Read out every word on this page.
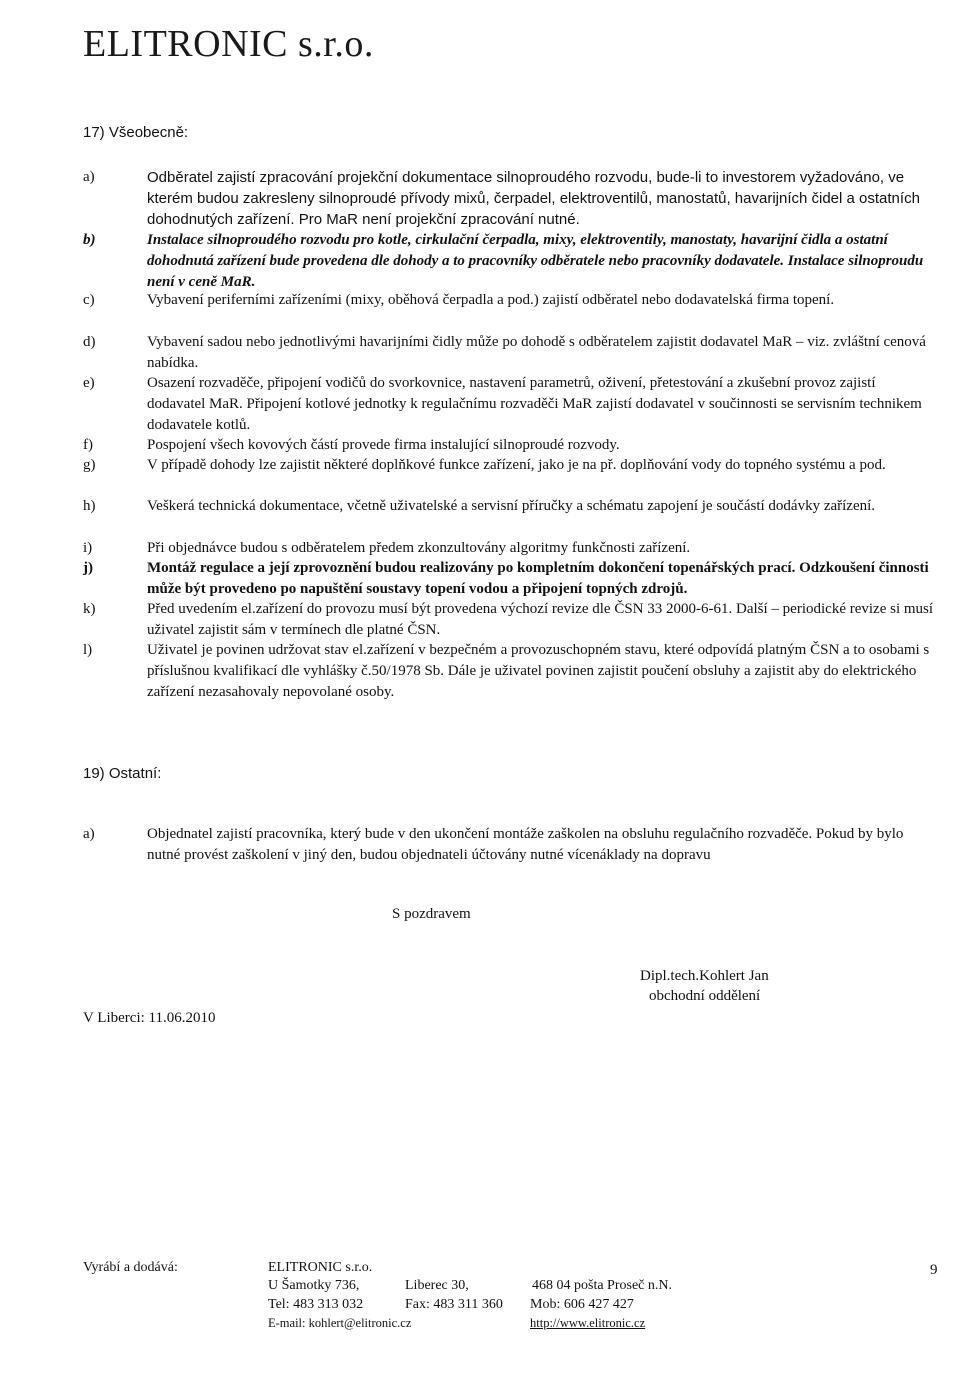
ELITRONIC s.r.o.
17) Všeobecně:
a)	Odběratel zajistí zpracování projekční dokumentace silnoproudého rozvodu, bude-li to investorem vyžadováno, ve kterém budou zakresleny silnoproudé přívody mixů, čerpadel, elektroventilů, manostatů, havarijních čidel a ostatních dohodnutých zařízení. Pro MaR není projekční zpracování nutné.
b)	Instalace silnoproudého rozvodu pro kotle, cirkulační čerpadla, mixy, elektroventily, manostaty, havarijní čidla a ostatní dohodnutá zařízení bude provedena dle dohody a to pracovníky odběratele nebo pracovníky dodavatele. Instalace silnoproudu není v ceně MaR.
c)	Vybavení periferními zařízeními (mixy, oběhová čerpadla a pod.) zajistí odběratel nebo dodavatelská firma topení.
d)	Vybavení sadou nebo jednotlivými havarijními čidly může po dohodě s odběratelem zajistit dodavatel MaR – viz. zvláštní cenová nabídka.
e)	Osazení rozvaděče, připojení vodičů do svorkovnice, nastavení parametrů, oživení, přetestování a zkušební provoz zajistí dodavatel MaR. Připojení kotlové jednotky k regulačnímu rozvaděči MaR zajistí dodavatel v součinnosti se servisním technikem dodavatele kotlů.
f)	Pospojení všech kovových částí provede firma instalující silnoproudé rozvody.
g)	V případě dohody lze zajistit některé doplňkové funkce zařízení, jako je na př. doplňování vody do topného systému a pod.
h)	Veškerá technická dokumentace, včetně uživatelské a servisní příručky a schématu zapojení je součástí dodávky zařízení.
i)	Při objednávce budou s odběratelem předem zkonzultovány algoritmy funkčnosti zařízení.
j)	Montáž regulace a její zprovoznění budou realizovány po kompletním dokončení topenářských prací. Odzkoušení činnosti může být provedeno po napuštění soustavy topení vodou a připojení topných zdrojů.
k)	Před uvedením el.zařízení do provozu musí být provedena výchozí revize dle ČSN 33 2000-6-61. Další – periodické revize si musí uživatel zajistit sám v termínech dle platné ČSN.
l)	Uživatel je povinen udržovat stav el.zařízení v bezpečném a provozuschopném stavu, které odpovídá platným ČSN a to osobami s příslušnou kvalifikací dle vyhlášky č.50/1978 Sb. Dále je uživatel povinen zajistit poučení obsluhy a zajistit aby do elektrického zařízení nezasahovaly nepovolané osoby.
19) Ostatní:
a)	Objednatel zajistí pracovníka, který bude v den ukončení montáže zaškolen na obsluhu regulačního rozvaděče. Pokud by bylo nutné provést zaškolení v jiný den, budou objednateli účtovány nutné vícenáklady na dopravu
S pozdravem
Dipl.tech.Kohlert Jan
obchodní oddělení
V Liberci: 11.06.2010
Vyrábí a dodává:	ELITRONIC s.r.o.	9
U Šamotky 736,	Liberec 30,	468 04 pošta Proseč n.N.
Tel: 483 313 032	Fax: 483 311 360 Mob: 606 427 427
E-mail: kohlert@elitronic.cz	http://www.elitronic.cz
